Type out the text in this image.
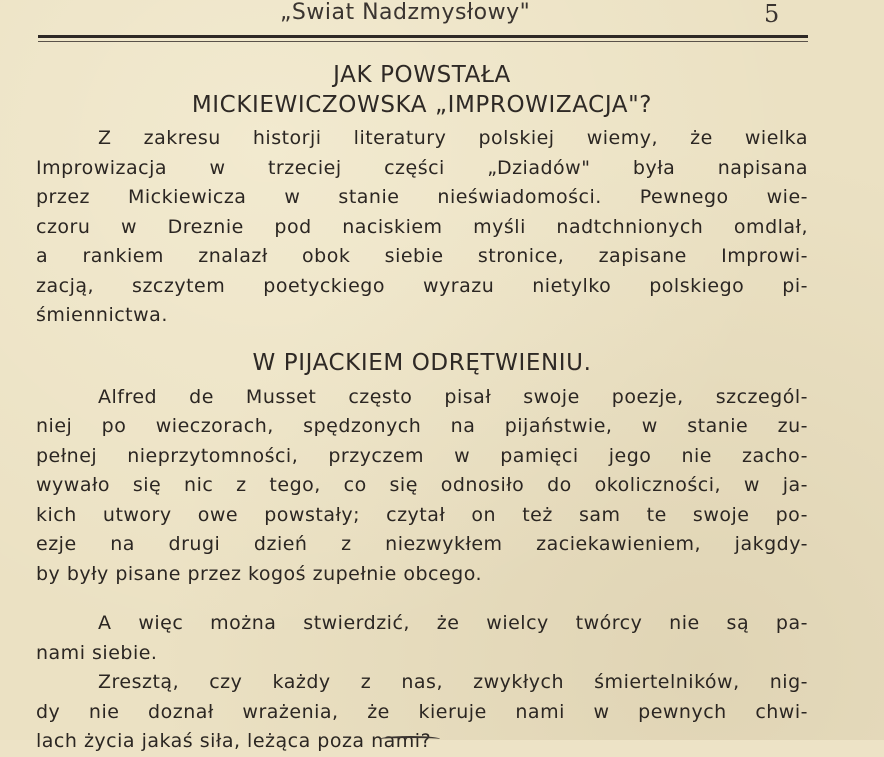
„Swiat Nadzmysłowy"	5
JAK POWSTAŁA
MICKIEWICZOWSKA „IMPROWIZACJA"?
Z zakresu historji literatury polskiej wiemy, że wielka
Improwizacja w trzeciej części „Dziadów" była napisana
przez Mickiewicza w stanie nieświadomości. Pewnego wie-
czoru w Dreznie pod naciskiem myśli nadtchnionych omdlał,
a rankiem znalazł obok siebie stronice, zapisane Improwi-
zacją, szczytem poetyckiego wyrazu nietylko polskiego pi-
śmiennictwa.
W PIJACKIEM ODRĘTWIENIU.
Alfred de Musset często pisał swoje poezje, szczegól-
niej po wieczorach, spędzonych na pijaństwie, w stanie zu-
pełnej nieprzytomności, przyczem w pamięci jego nie zacho-
wywało się nic z tego, co się odnosiło do okoliczności, w ja-
kich utwory owe powstały; czytał on też sam te swoje po-
ezje na drugi dzień z niezwykłem zaciekawieniem, jakgdy-
by były pisane przez kogoś zupełnie obcego.
A więc można stwierdzić, że wielcy twórcy nie są pa-
nami siebie.
Zresztą, czy każdy z nas, zwykłych śmiertelników, nig-
dy nie doznał wrażenia, że kieruje nami w pewnych chwi-
lach życia jakaś siła, leżąca poza nami?
